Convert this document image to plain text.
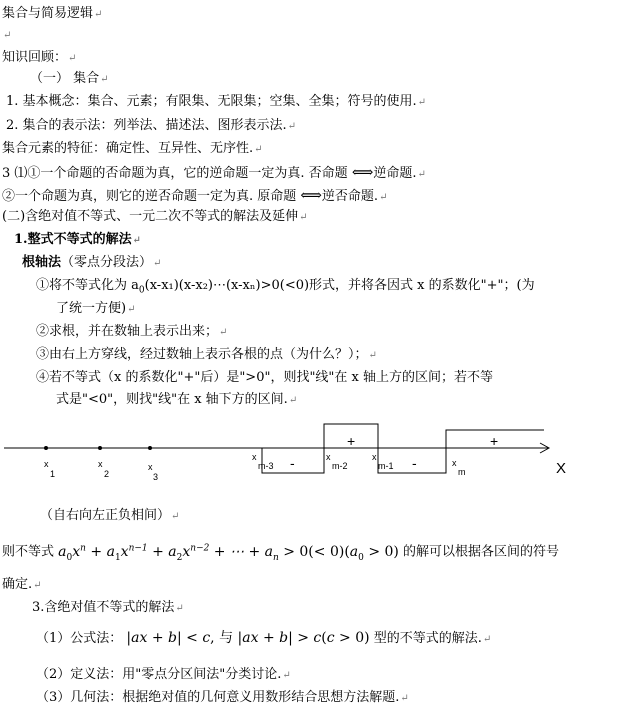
集合与简易逻辑↵
↵
知识回顾：↵
（一） 集合↵
1. 基本概念：集合、元素；有限集、无限集；空集、全集；符号的使用.↵
2. 集合的表示法：列举法、描述法、图形表示法.↵
集合元素的特征：确定性、互异性、无序性.↵
3 ⑴①一个命题的否命题为真，它的逆命题一定为真. 否命题 ⟺逆命题.↵
②一个命题为真，则它的逆否命题一定为真. 原命题 ⟺逆否命题.↵
(二)含绝对值不等式、一元二次不等式的解法及延伸↵
1.整式不等式的解法↵
根轴法（零点分段法）↵
①将不等式化为 $a_0(x-x_1)(x-x_2)\cdots(x-x_n)>0(<0)$形式，并将各因式 x 的系数化"+"；(为
了统一方便)↵
②求根，并在数轴上表示出来；↵
③由右上方穿线，经过数轴上表示各根的点（为什么？）；↵
④若不等式（x 的系数化"+"后）是">0"，则找"线"在 x 轴上方的区间；若不等
式是"<0"，则找"线"在 x 轴下方的区间.↵
X
+
-	-
+
x
1
x
2
x
3
x
m-3
x
m-2
x
m-1	x
m
（自右向左正负相间）↵
则不等式 $a_0x^n + a_1x^{n-1} + a_2x^{n-2}$ + ⋯ + $a_n > 0(< 0)(a_0 > 0)$ 的解可以根据各区间的符号
确定.↵
3.含绝对值不等式的解法↵
（1）公式法： |ax + b| < c, 与 |ax + b| > c(c > 0) 型的不等式的解法.↵
（2）定义法：用"零点分区间法"分类讨论.↵
（3）几何法：根据绝对值的几何意义用数形结合思想方法解题.↵
